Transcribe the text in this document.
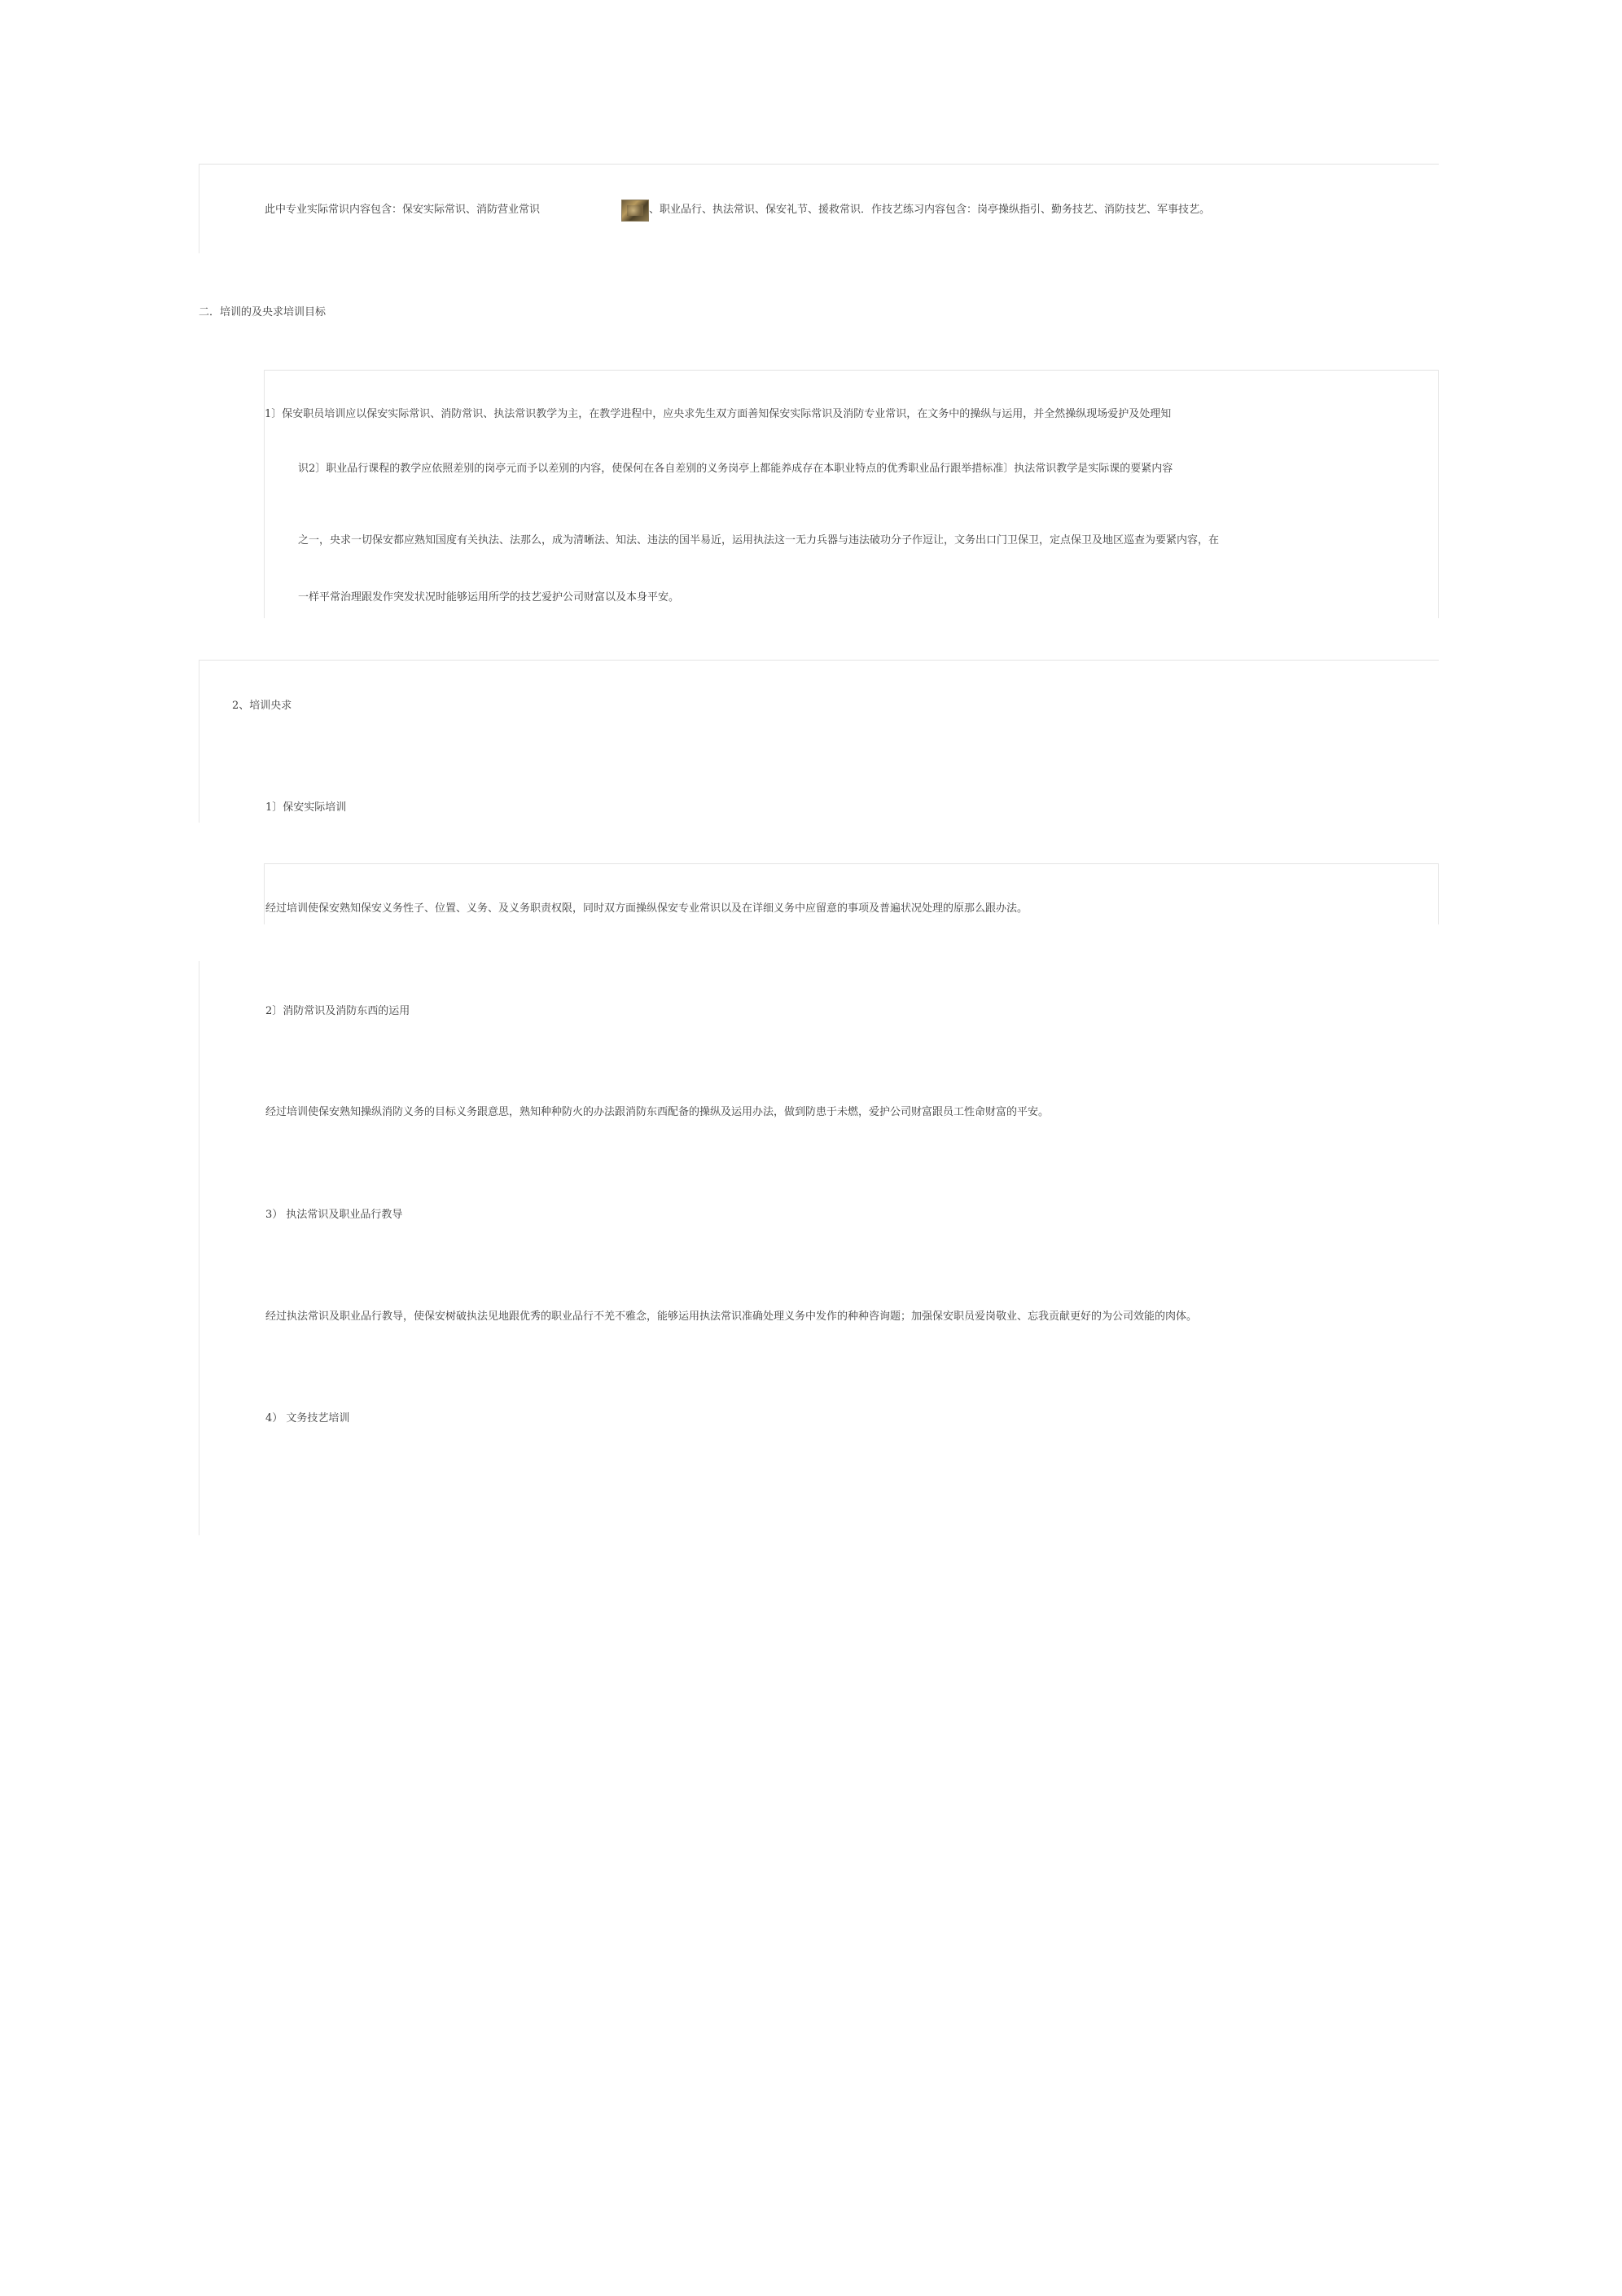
此中专业实际常识内容包含：保安实际常识、消防营业常识	、职业品行、执法常识、保安礼节、援救常识．作技艺练习内容包含：岗亭操纵指引、勤务技艺、消防技艺、军事技艺。
二．培训的及央求培训目标
1〕保安职员培训应以保安实际常识、消防常识、执法常识教学为主，在教学进程中，应央求先生双方面善知保安实际常识及消防专业常识，在文务中的操纵与运用，并全然操纵现场爱护及处理知
识2〕职业品行课程的教学应依照差别的岗亭元而予以差别的内容，使保何在各自差别的义务岗亭上都能养成存在本职业特点的优秀职业品行跟举措标准〕执法常识教学是实际课的要紧内容
之一，央求一切保安都应熟知国度有关执法、法那么，成为清晰法、知法、违法的国半易近，运用执法这一无力兵器与违法破功分子作逗让，文务出口门卫保卫，定点保卫及地区巡查为要紧内容，在
一样平常治理跟发作突发状况时能够运用所学的技艺爱护公司财富以及本身平安。
2、培训央求
1〕保安实际培训
经过培训使保安熟知保安义务性子、位置、义务、及义务职责权限，同时双方面操纵保安专业常识以及在详细义务中应留意的事项及普遍状况处理的原那么跟办法。
2〕消防常识及消防东西的运用
经过培训使保安熟知操纵消防义务的目标义务跟意思，熟知种种防火的办法跟消防东西配备的操纵及运用办法，做到防患于未燃，爱护公司财富跟员工性命财富的平安。
3） 执法常识及职业品行教导
经过执法常识及职业品行教导，使保安树破执法见地跟优秀的职业品行不羌不雅念，能够运用执法常识准确处理义务中发作的种种咨询题；加强保安职员爱岗敬业、忘我贡献更好的为公司效能的肉体。
4） 文务技艺培训
